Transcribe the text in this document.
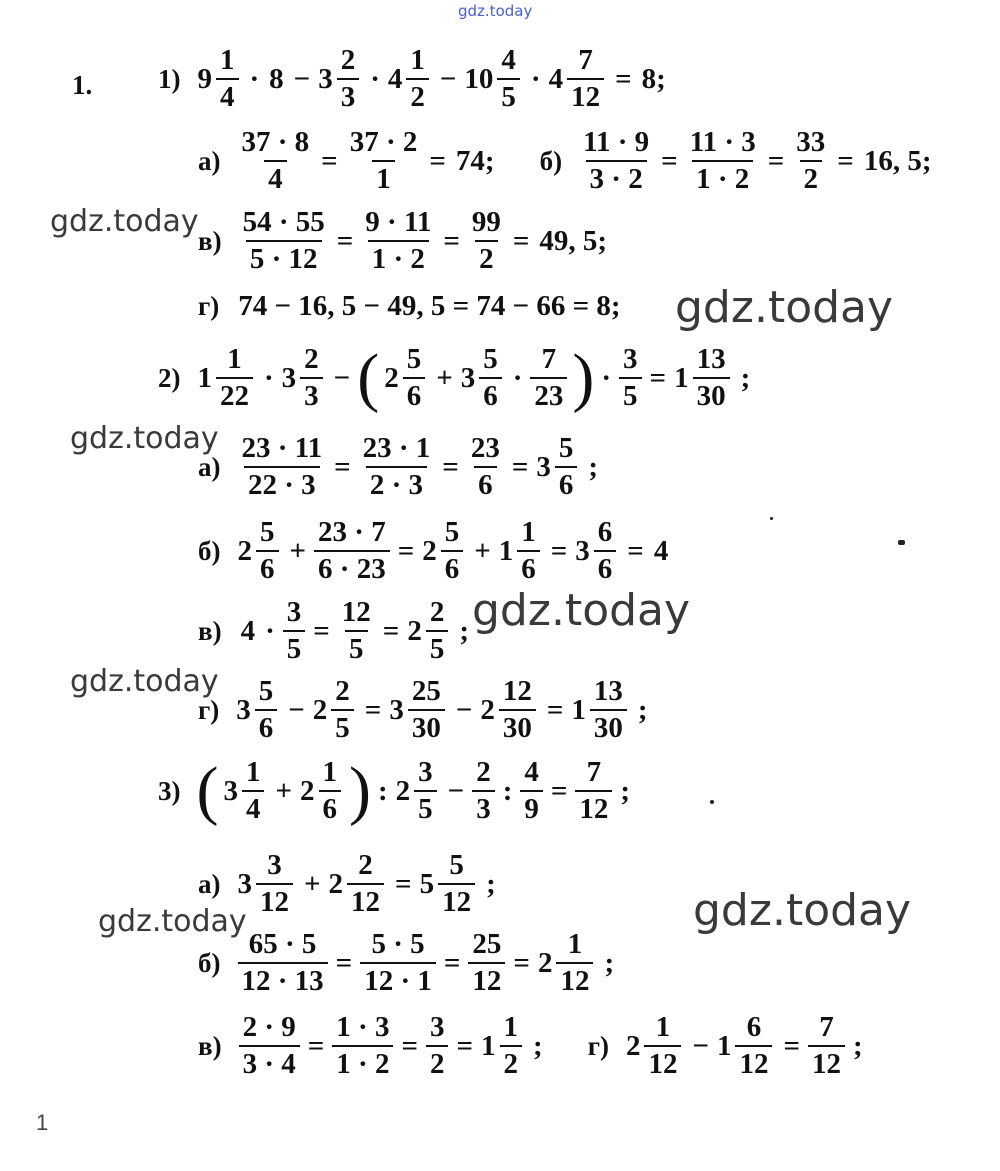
gdz.today
1. 1) $9 \frac{1}{4} \cdot 8 - 3 \frac{2}{3} \cdot 4 \frac{1}{2} - 10 \frac{4}{5} \cdot 4 \frac{7}{12} = 8$;
$а) \frac{37 \cdot 8}{4} = \frac{37 \cdot 2}{1} = 74$; $б) \frac{11 \cdot 9}{3 \cdot 2} = \frac{11 \cdot 3}{1 \cdot 2} = \frac{33}{2} = 16$, 5;
$в) \frac{54 \cdot 55}{5 \cdot 12} = \frac{9 \cdot 11}{1 \cdot 2} = \frac{99}{2} = 49$, 5;
г) 74 − 16, 5 − 49, 5 = 74 − 66 = 8;
2) $1 \frac{1}{22} \cdot 3 \frac{2}{3}$ − ( $2 \frac{5}{6} + 3 \frac{5}{6} \cdot \frac{7}{23}$ ) · $\frac{3}{5} = 1 \frac{13}{30}$ ;
$а) \frac{23 \cdot 11}{22 \cdot 3} = \frac{23 \cdot 1}{2 \cdot 3} = \frac{23}{6} = 3 \frac{5}{6}$ ;
б) $2 \frac{5}{6} + \frac{23 \cdot 7}{6 \cdot 23} = 2 \frac{5}{6} + 1 \frac{1}{6} = 3 \frac{6}{6} = 4$
в) $4 \cdot \frac{3}{5} = \frac{12}{5} = 2 \frac{2}{5}$ ;
г) $3 \frac{5}{6} - 2 \frac{2}{5} = 3 \frac{25}{30} - 2 \frac{12}{30} = 1 \frac{13}{30}$ ;
3) ( $3 \frac{1}{4} + 2 \frac{1}{6}$ ) : $2 \frac{3}{5} - \frac{2}{3}$ : $\frac{4}{9} = \frac{7}{12}$ ;
а) $3 \frac{3}{12} + 2 \frac{2}{12} = 5 \frac{5}{12}$ ;
$б) \frac{65 \cdot 5}{12 \cdot 13} = \frac{5 \cdot 5}{12 \cdot 1} = \frac{25}{12} = 2 \frac{1}{12}$ ;
$в) \frac{2 \cdot 9}{3 \cdot 4} = \frac{1 \cdot 3}{1 \cdot 2} = \frac{3}{2} = 1 \frac{1}{2}$ ; г) $2 \frac{1}{12} - 1 \frac{6}{12} = \frac{7}{12}$ ;
gdz.today
gdz.today
gdz.today
gdz.today
gdz.today
gdz.today
gdz.today
1
